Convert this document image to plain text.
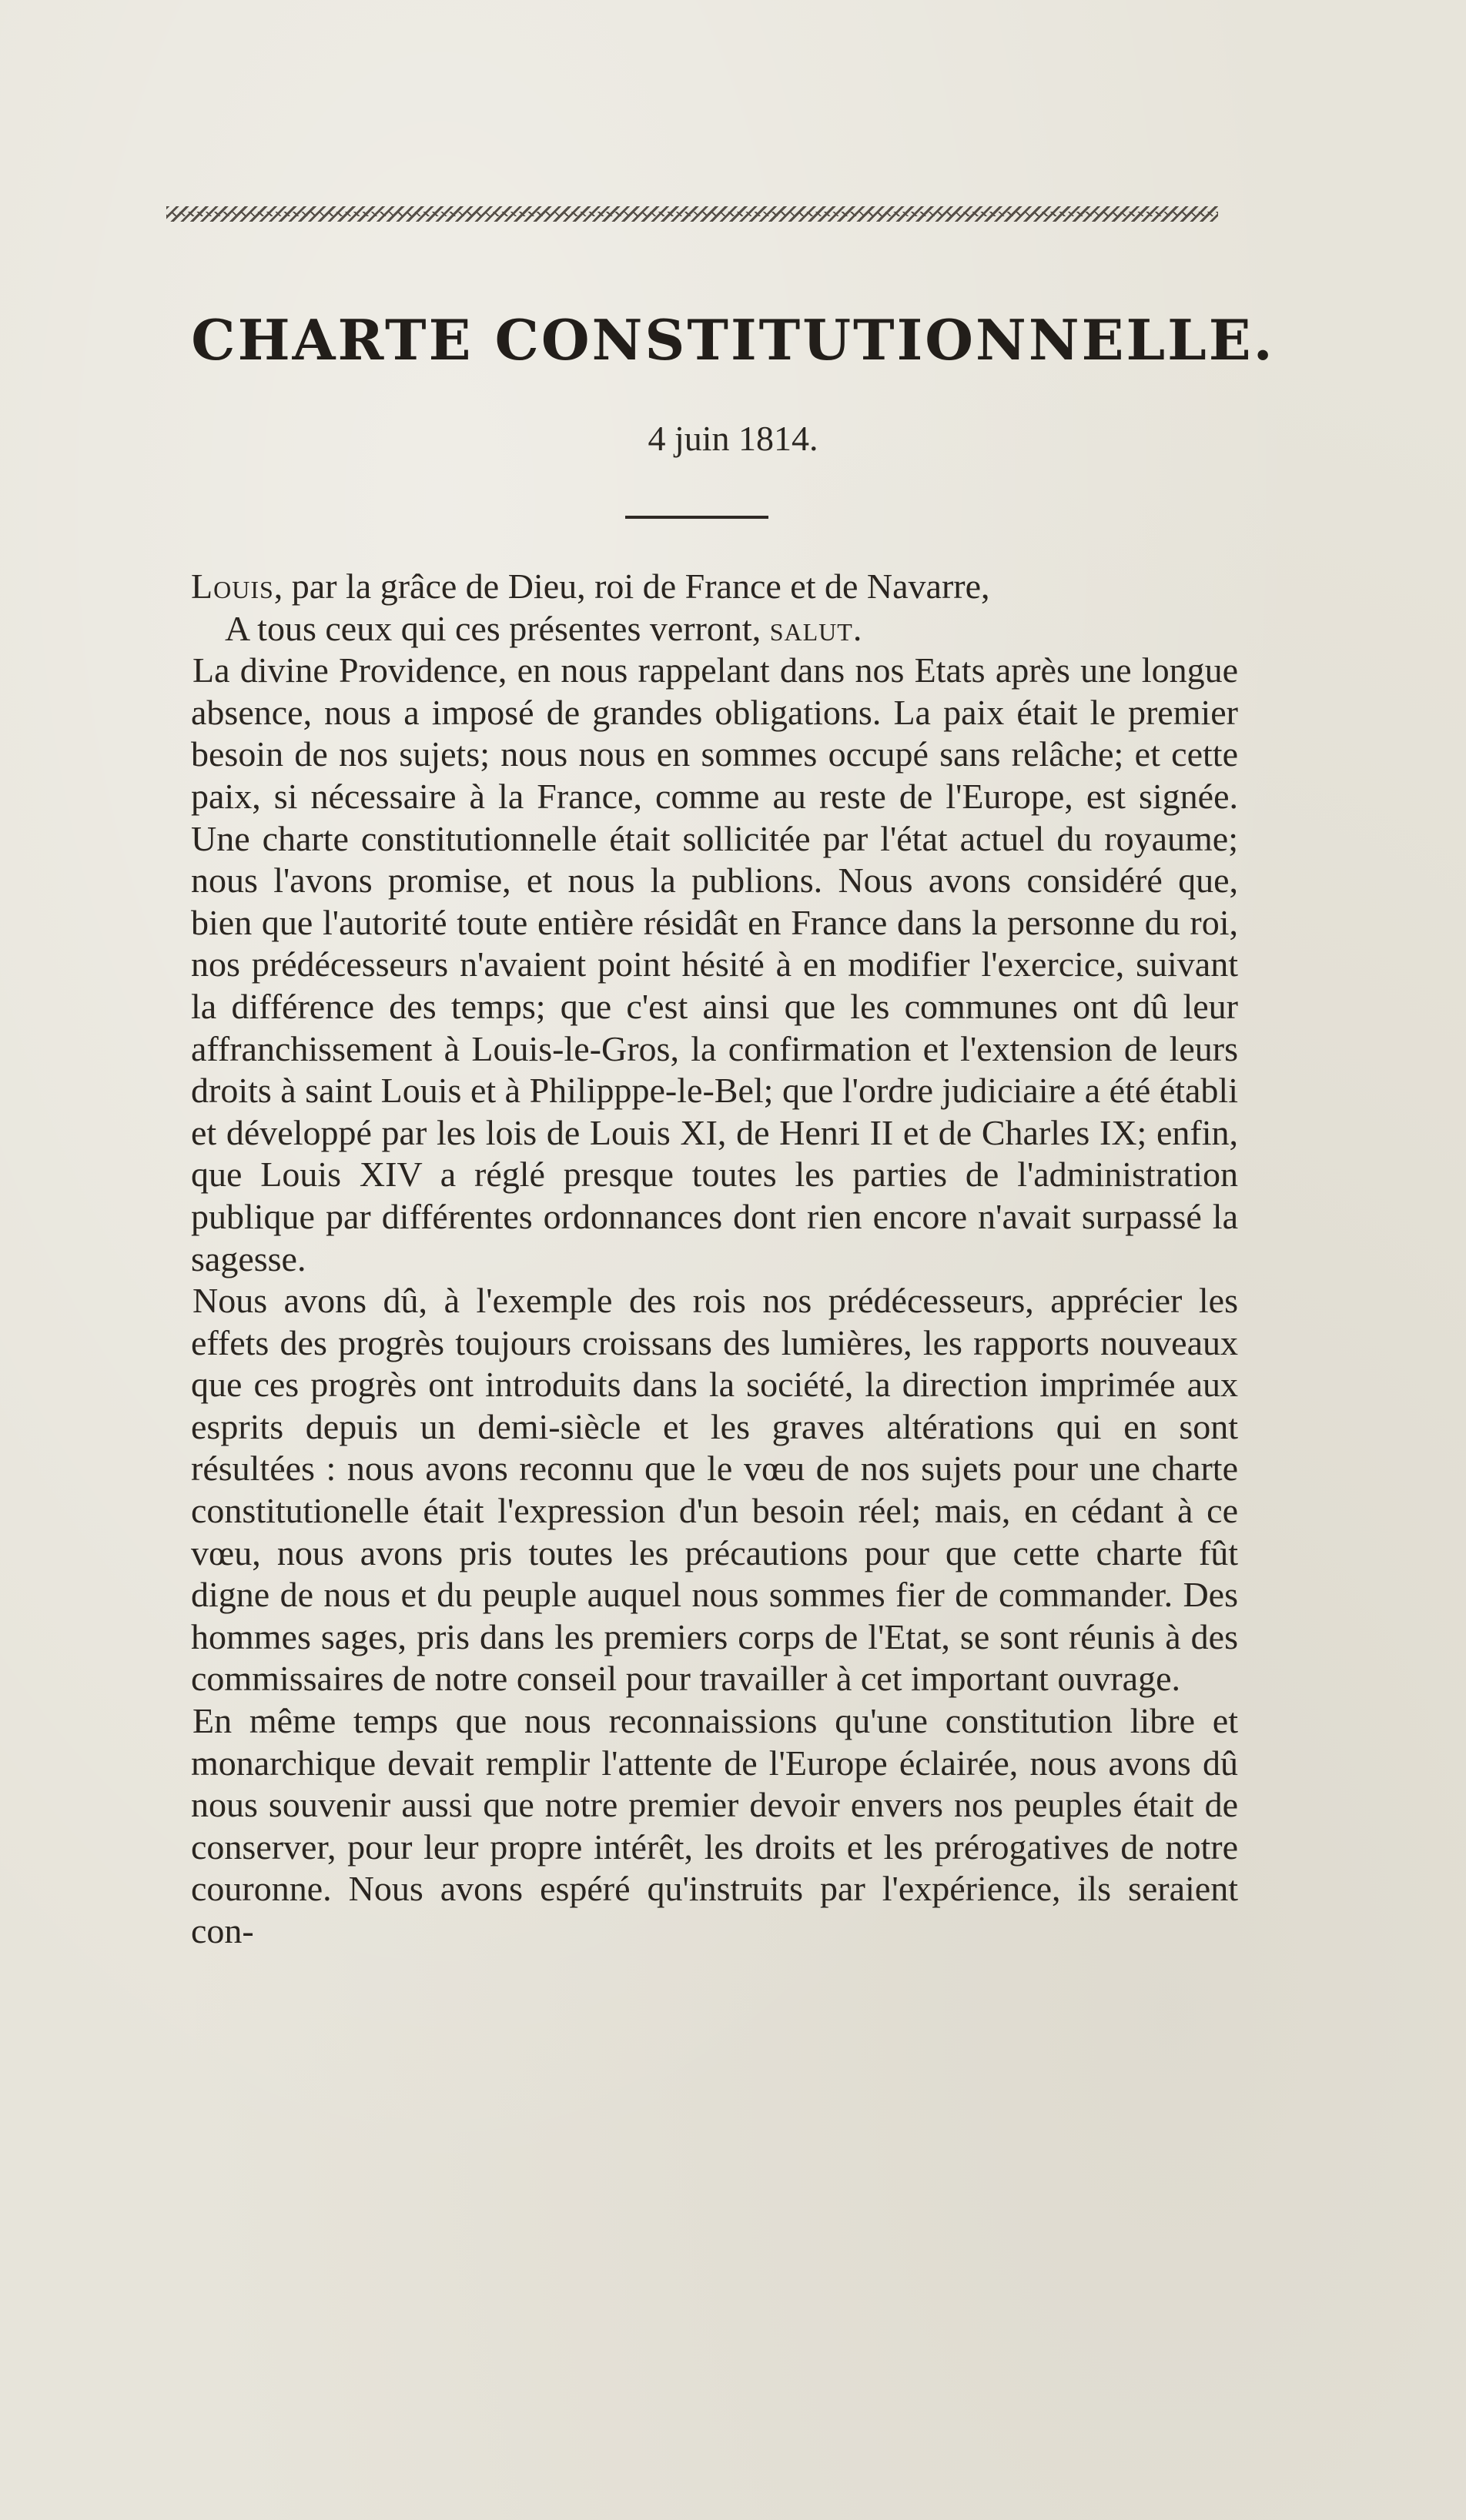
CHARTE CONSTITUTIONNELLE.
4 juin 1814.

Louis, par la grâce de Dieu, roi de France et de Navarre,

A tous ceux qui ces présentes verront, salut.

La divine Providence, en nous rappelant dans nos Etats après une longue absence, nous a imposé de grandes obligations. La paix était le premier besoin de nos sujets; nous nous en sommes occupé sans relâche; et cette paix, si nécessaire à la France, comme au reste de l'Europe, est signée. Une charte constitutionnelle était sollicitée par l'état actuel du royaume; nous l'avons promise, et nous la publions. Nous avons considéré que, bien que l'autorité toute entière résidât en France dans la personne du roi, nos prédécesseurs n'avaient point hésité à en modifier l'exercice, suivant la différence des temps; que c'est ainsi que les communes ont dû leur affranchissement à Louis-le-Gros, la confirmation et l'extension de leurs droits à saint Louis et à Philipppe-le-Bel; que l'ordre judiciaire a été établi et développé par les lois de Louis XI, de Henri II et de Charles IX; enfin, que Louis XIV a réglé presque toutes les parties de l'administration publique par différentes ordonnances dont rien encore n'avait surpassé la sagesse.

Nous avons dû, à l'exemple des rois nos prédécesseurs, apprécier les effets des progrès toujours croissans des lumières, les rapports nouveaux que ces progrès ont introduits dans la société, la direction imprimée aux esprits depuis un demi-siècle et les graves altérations qui en sont résultées : nous avons reconnu que le vœu de nos sujets pour une charte constitutionelle était l'expression d'un besoin réel; mais, en cédant à ce vœu, nous avons pris toutes les précautions pour que cette charte fût digne de nous et du peuple auquel nous sommes fier de commander. Des hommes sages, pris dans les premiers corps de l'Etat, se sont réunis à des commissaires de notre conseil pour travailler à cet important ouvrage.

En même temps que nous reconnaissions qu'une constitution libre et monarchique devait remplir l'attente de l'Europe éclairée, nous avons dû nous souvenir aussi que notre premier devoir envers nos peuples était de conserver, pour leur propre intérêt, les droits et les prérogatives de notre couronne. Nous avons espéré qu'instruits par l'expérience, ils seraient con-
